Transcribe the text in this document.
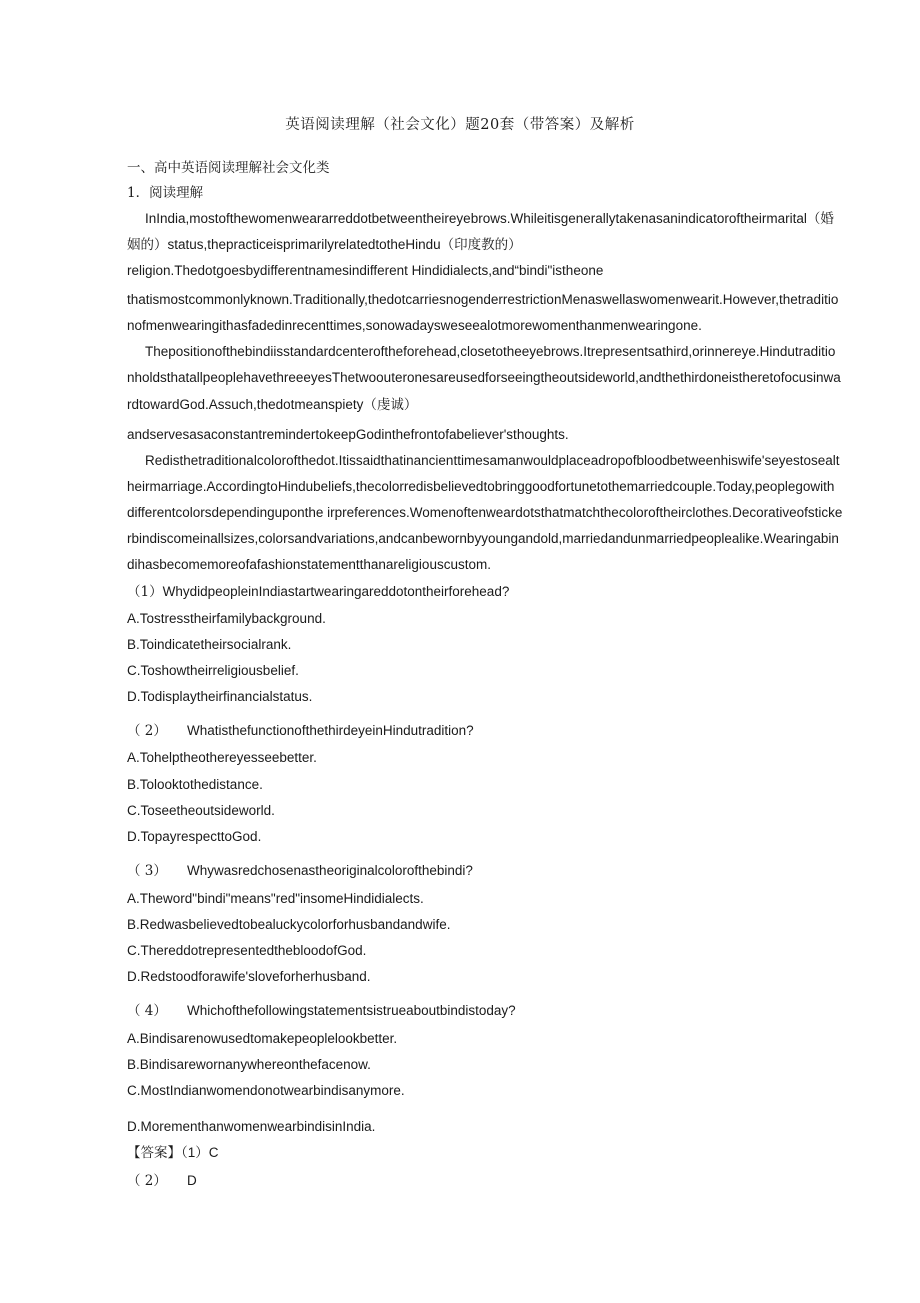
英语阅读理解（社会文化）题20套（带答案）及解析
一、高中英语阅读理解社会文化类
1．阅读理解
InIndia,mostofthewomenweararreddotbetweentheireyebrows.Whileitisgenerallytakenasanindicatoroftheirmarital（婚
姻的）status,thepracticeisprimarilyrelatedtotheHindu（印度教的）
religion.Thedotgoesbydifferentnamesindifferent Hindidialects,and“bindi"istheone
thatismostcommonlyknown.Traditionally,thedotcarriesnogenderrestrictionMenaswellaswomenwearit.However,thetraditio
nofmenwearingithasfadedinrecenttimes,sonowadaysweseealotmorewomenthanmenwearingone.
Thepositionofthebindiisstandardcenteroftheforehead,closetotheeyebrows.Itrepresentsathird,orinnereye.Hindutraditio
nholdsthatallpeoplehavethreeeyesThetwoouteronesareusedforseeingtheoutsideworld,andthethirdoneistheretofocusinwa
rdtowardGod.Assuch,thedotmeanspiety（虔诚）
andservesasaconstantremindertokeepGodinthefrontofabeliever'sthoughts.
Redisthetraditionalcolorofthedot.Itissaidthatinancienttimesamanwouldplaceadropofbloodbetweenhiswife'seyestosealt
heirmarriage.AccordingtoHindubeliefs,thecolorredisbelievedtobringgoodfortunetothemarriedcouple.Today,peoplegowith
differentcolorsdependinguponthe irpreferences.Womenoftenweardotsthatmatchthecoloroftheirclothes.Decorativeofsticke
rbindiscomeinallsizes,colorsandvariations,andcanbewornbyyoungandold,marriedandunmarriedpeoplealike.Wearingabin
dihasbecomemoreofafashionstatementthanareligiouscustom.
（1）WhydidpeopleinIndiastartwearingareddotontheirforehead?
A.Tostresstheirfamilybackground.
B.Toindicatetheirsocialrank.
C.Toshowtheirreligiousbelief.
D.Todisplaytheirfinancialstatus.
（ 2） WhatisthefunctionofthethirdeyeinHindutradition?
A.Tohelptheothereyesseebetter.
B.Tolooktothedistance.
C.Toseetheoutsideworld.
D.TopayrespecttoGod.
（ 3） Whywasredchosenastheoriginalcolorofthebindi?
A.Theword"bindi"means"red"insomeHindidialects.
B.Redwasbelievedtobealuckycolorforhusbandandwife.
C.ThereddotrepresentedthebloodofGod.
D.Redstoodforawife'sloveforherhusband.
（ 4） Whichofthefollowingstatementsistrueaboutbindistoday?
A.Bindisarenowusedtomakepeoplelookbetter.
B.Bindisarewornanywhereonthefacenow.
C.MostIndianwomendonotwearbindisanymore.
D.MorementhanwomenwearbindisinIndia.
【答案】（1）C
（ 2） D
